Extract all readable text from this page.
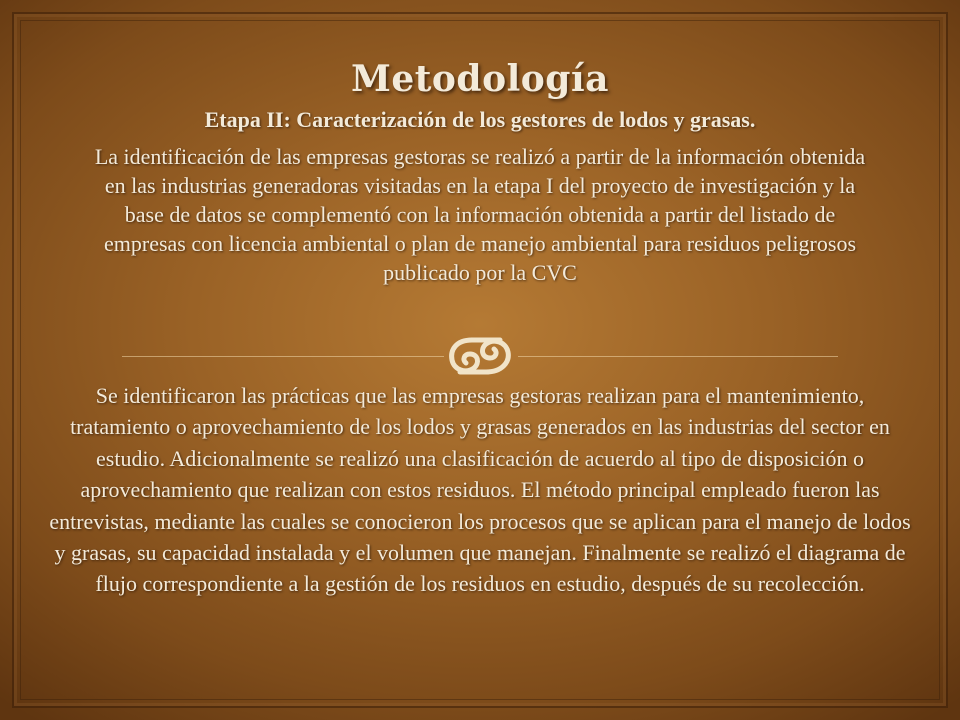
Metodología
Etapa II: Caracterización de los gestores de lodos y grasas.
La identificación de las empresas gestoras se realizó a partir de la información obtenida en las industrias generadoras visitadas en la etapa I del proyecto de investigación y la base de datos se complementó con la información obtenida a partir del listado de empresas con licencia ambiental o plan de manejo ambiental para residuos peligrosos publicado por la CVC
Se identificaron las prácticas que las empresas gestoras realizan para el mantenimiento, tratamiento o aprovechamiento de los lodos y grasas generados en las industrias del sector en estudio. Adicionalmente se realizó una clasificación de acuerdo al tipo de disposición o aprovechamiento que realizan con estos residuos. El método principal empleado fueron las entrevistas, mediante las cuales se conocieron los procesos que se aplican para el manejo de lodos y grasas, su capacidad instalada y el volumen que manejan. Finalmente se realizó el diagrama de flujo correspondiente a la gestión de los residuos en estudio, después de su recolección.
